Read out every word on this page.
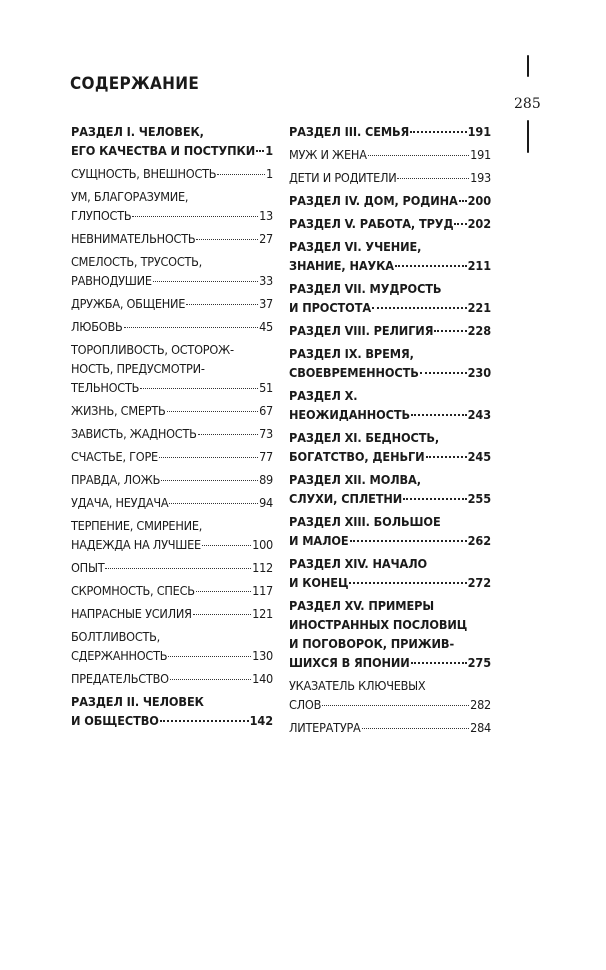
СОДЕРЖАНИЕ
285
РАЗДЕЛ I. ЧЕЛОВЕК,
ЕГО КАЧЕСТВА И ПОСТУПКИ 1
СУЩНОСТЬ, ВНЕШНОСТЬ	1
УМ, БЛАГОРАЗУМИЕ,
ГЛУПОСТЬ	13
НЕВНИМАТЕЛЬНОСТЬ	27
СМЕЛОСТЬ, ТРУСОСТЬ,
РАВНОДУШИЕ	33
ДРУЖБА, ОБЩЕНИЕ	37
ЛЮБОВЬ	45
ТОРОПЛИВОСТЬ, ОСТОРОЖ-
НОСТЬ, ПРЕДУСМОТРИ-
ТЕЛЬНОСТЬ	51
ЖИЗНЬ, СМЕРТЬ	67
ЗАВИСТЬ, ЖАДНОСТЬ	73
СЧАСТЬЕ, ГОРЕ	77
ПРАВДА, ЛОЖЬ	89
УДАЧА, НЕУДАЧА	94
ТЕРПЕНИЕ, СМИРЕНИЕ,
НАДЕЖДА НА ЛУЧШЕЕ	100
ОПЫТ	112
СКРОМНОСТЬ, СПЕСЬ	117
НАПРАСНЫЕ УСИЛИЯ	121
БОЛТЛИВОСТЬ,
СДЕРЖАННОСТЬ	130
ПРЕДАТЕЛЬСТВО	140
РАЗДЕЛ II. ЧЕЛОВЕК
И ОБЩЕСТВО	142
РАЗДЕЛ III. СЕМЬЯ	191
МУЖ И ЖЕНА	191
ДЕТИ И РОДИТЕЛИ	193
РАЗДЕЛ IV. ДОМ, РОДИНА 200
РАЗДЕЛ V. РАБОТА, ТРУД 202
РАЗДЕЛ VI. УЧЕНИЕ,
ЗНАНИЕ, НАУКА	211
РАЗДЕЛ VII. МУДРОСТЬ
И ПРОСТОТА	221
РАЗДЕЛ VIII. РЕЛИГИЯ	228
РАЗДЕЛ IX. ВРЕМЯ,
СВОЕВРЕМЕННОСТЬ	230
РАЗДЕЛ X.
НЕОЖИДАННОСТЬ	243
РАЗДЕЛ XI. БЕДНОСТЬ,
БОГАТСТВО, ДЕНЬГИ	245
РАЗДЕЛ XII. МОЛВА,
СЛУХИ, СПЛЕТНИ	255
РАЗДЕЛ XIII. БОЛЬШОЕ
И МАЛОЕ	262
РАЗДЕЛ XIV. НАЧАЛО
И КОНЕЦ	272
РАЗДЕЛ XV. ПРИМЕРЫ
ИНОСТРАННЫХ ПОСЛОВИЦ
И ПОГОВОРОК, ПРИЖИВ-
ШИХСЯ В ЯПОНИИ	275
УКАЗАТЕЛЬ КЛЮЧЕВЫХ
СЛОВ	282
ЛИТЕРАТУРА	284
